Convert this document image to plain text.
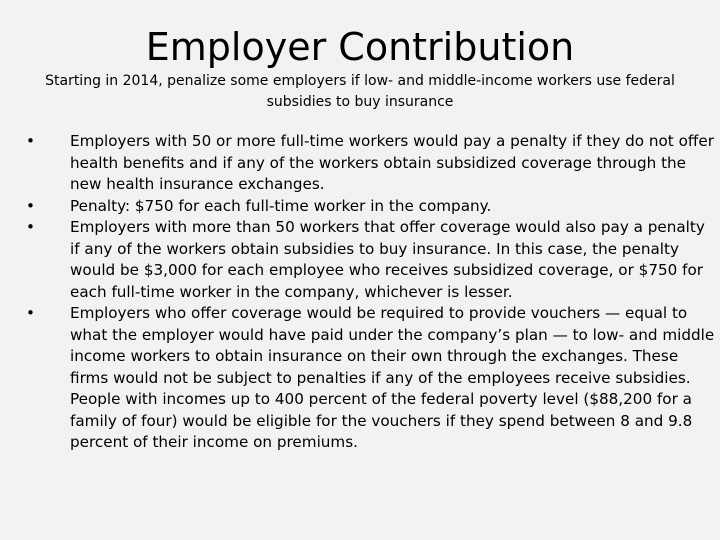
Employer Contribution
Starting in 2014, penalize some employers if low- and middle-income workers use federal subsidies to buy insurance
•	Employers with 50 or more full-time workers would pay a penalty if they do not offer health benefits and if any of the workers obtain subsidized coverage through the new health insurance exchanges.
•	Penalty: $750 for each full-time worker in the company.
•	Employers with more than 50 workers that offer coverage would also pay a penalty if any of the workers obtain subsidies to buy insurance. In this case, the penalty would be $3,000 for each employee who receives subsidized coverage, or $750 for each full-time worker in the company, whichever is lesser.
•	Employers who offer coverage would be required to provide vouchers — equal to what the employer would have paid under the company’s plan — to low- and middle income workers to obtain insurance on their own through the exchanges. These firms would not be subject to penalties if any of the employees receive subsidies. People with incomes up to 400 percent of the federal poverty level ($88,200 for a family of four) would be eligible for the vouchers if they spend between 8 and 9.8 percent of their income on premiums.
